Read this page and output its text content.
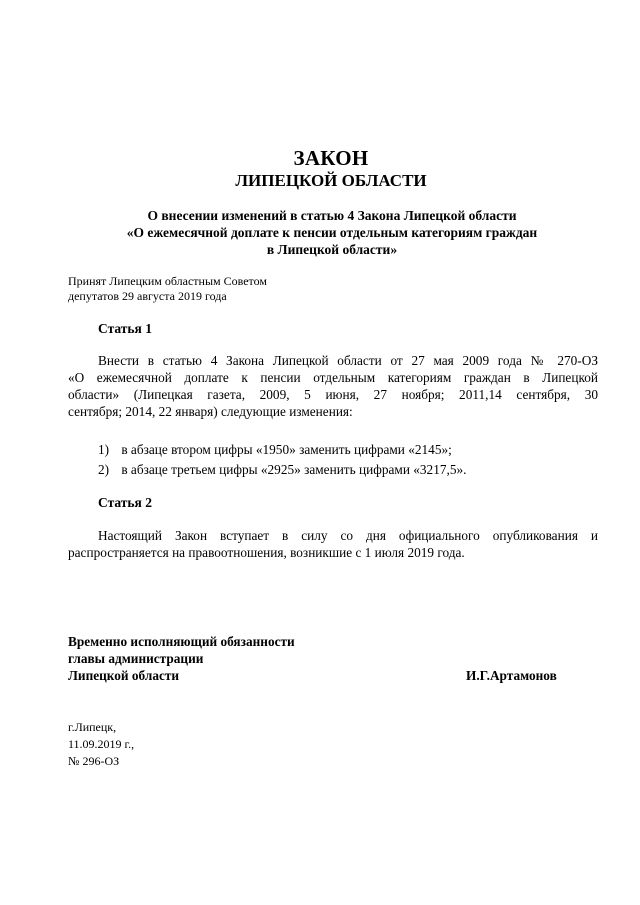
ЗАКОН
ЛИПЕЦКОЙ ОБЛАСТИ
О внесении изменений в статью 4 Закона Липецкой области
«О ежемесячной доплате к пенсии отдельным категориям граждан
в Липецкой области»
Принят Липецким областным Советом
депутатов 29 августа 2019 года
Статья 1
Внести в статью 4 Закона Липецкой области от 27 мая 2009 года № 270-ОЗ
«О ежемесячной доплате к пенсии отдельным категориям граждан в Липецкой
области» (Липецкая газета, 2009, 5 июня, 27 ноября; 2011,14 сентября, 30
сентября; 2014, 22 января) следующие изменения:
1) в абзаце втором цифры «1950» заменить цифрами «2145»;
2) в абзаце третьем цифры «2925» заменить цифрами «3217,5».
Статья 2
Настоящий Закон вступает в силу со дня официального опубликования и
распространяется на правоотношения, возникшие с 1 июля 2019 года.
Временно исполняющий обязанности
главы администрации
Липецкой области	И.Г.Артамонов
г.Липецк,
11.09.2019 г.,
№ 296-ОЗ
